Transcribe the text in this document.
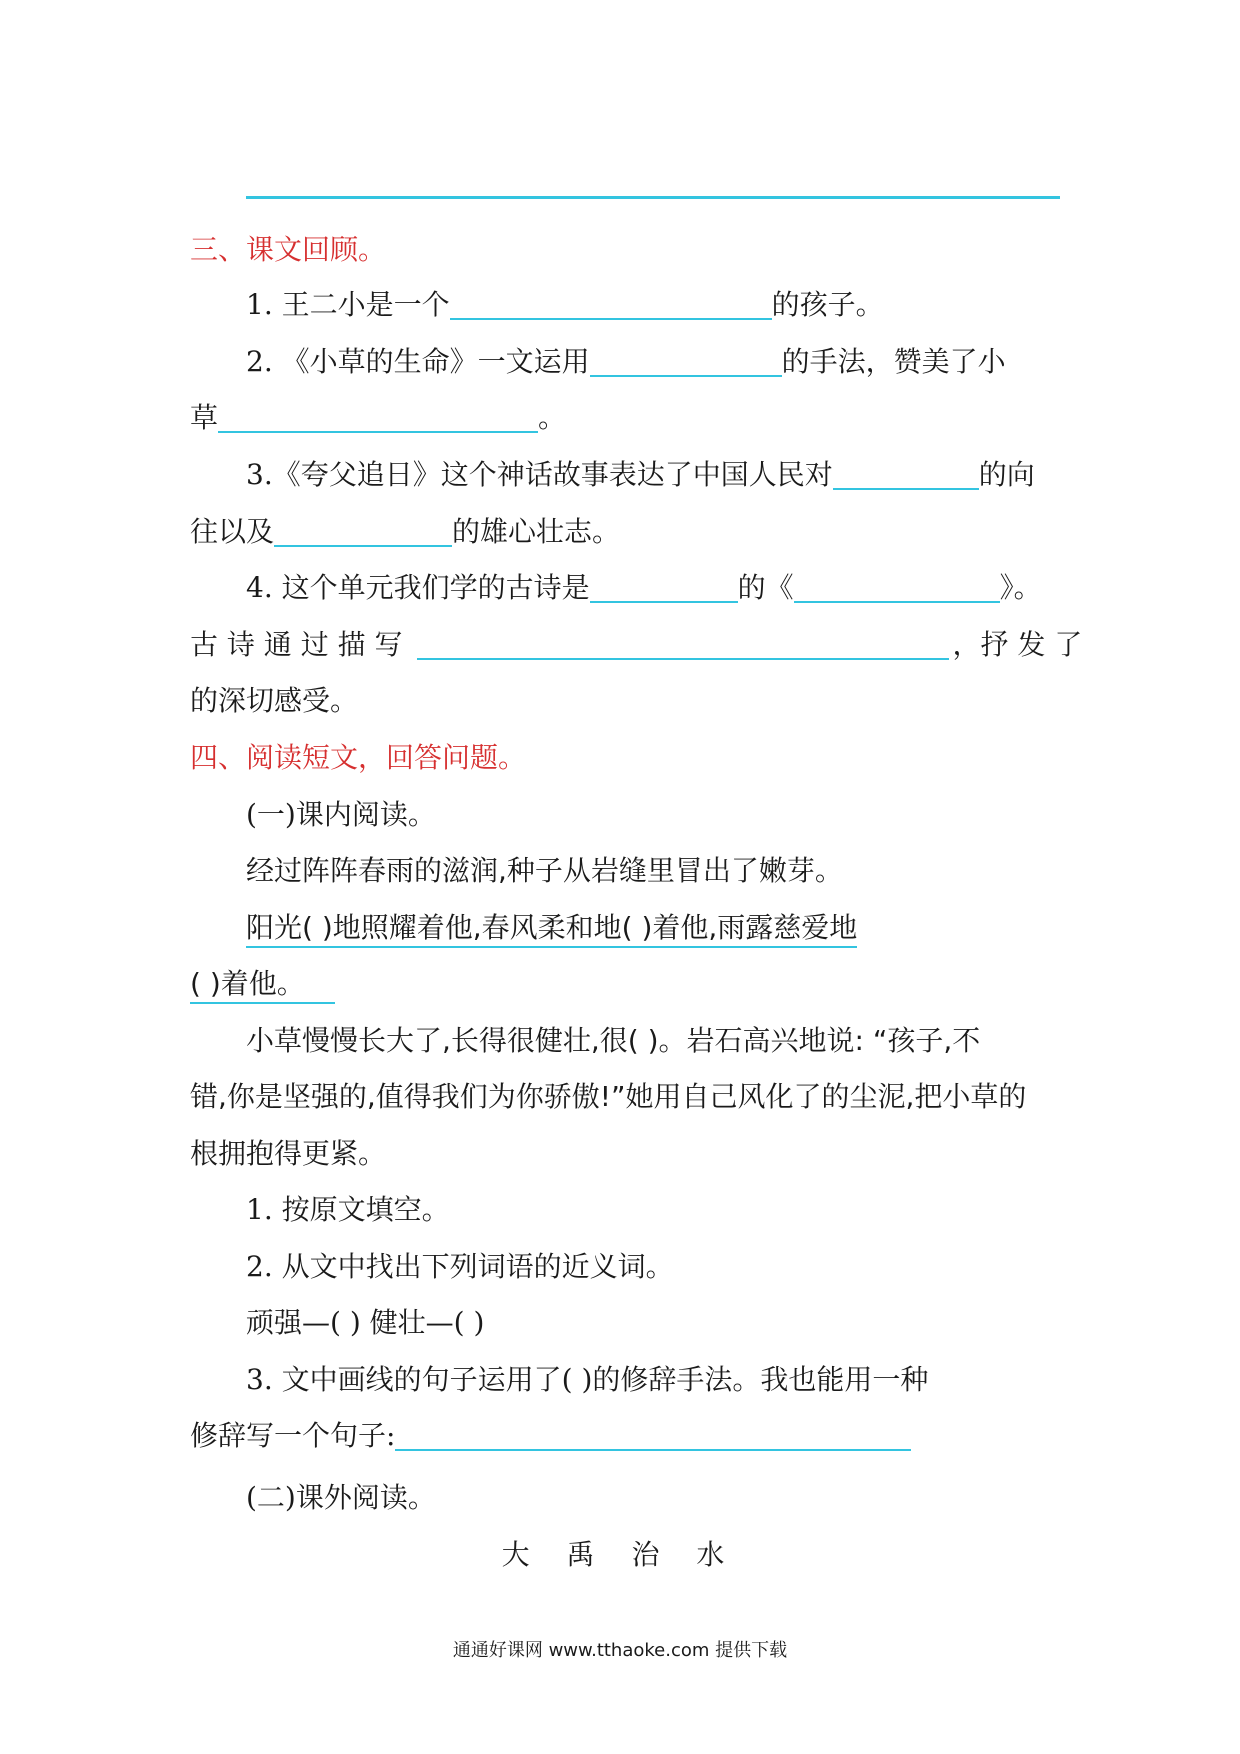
三、课文回顾。
1. 王二小是一个	的孩子。
2. 《小草的生命》一文运用	的手法，赞美了小
草	。
3.《夸父追日》这个神话故事表达了中国人民对	的向
往以及	的雄心壮志。
4. 这个单元我们学的古诗是	的《	》。
古 诗 通 过 描 写	，抒 发 了
的深切感受。
四、阅读短文，回答问题。
(一)课内阅读。
经过阵阵春雨的滋润,种子从岩缝里冒出了嫩芽。
阳光( )地照耀着他,春风柔和地( )着他,雨露慈爱地
( )着他。
小草慢慢长大了,长得很健壮,很( )。岩石高兴地说: “孩子,不
错,你是坚强的,值得我们为你骄傲!”她用自己风化了的尘泥,把小草的
根拥抱得更紧。
1. 按原文填空。
2. 从文中找出下列词语的近义词。
顽强—( ) 健壮—( )
3. 文中画线的句子运用了( )的修辞手法。我也能用一种
修辞写一个句子:
(二)课外阅读。
大 禹 治 水
通通好课网 www.tthaoke.com 提供下载
